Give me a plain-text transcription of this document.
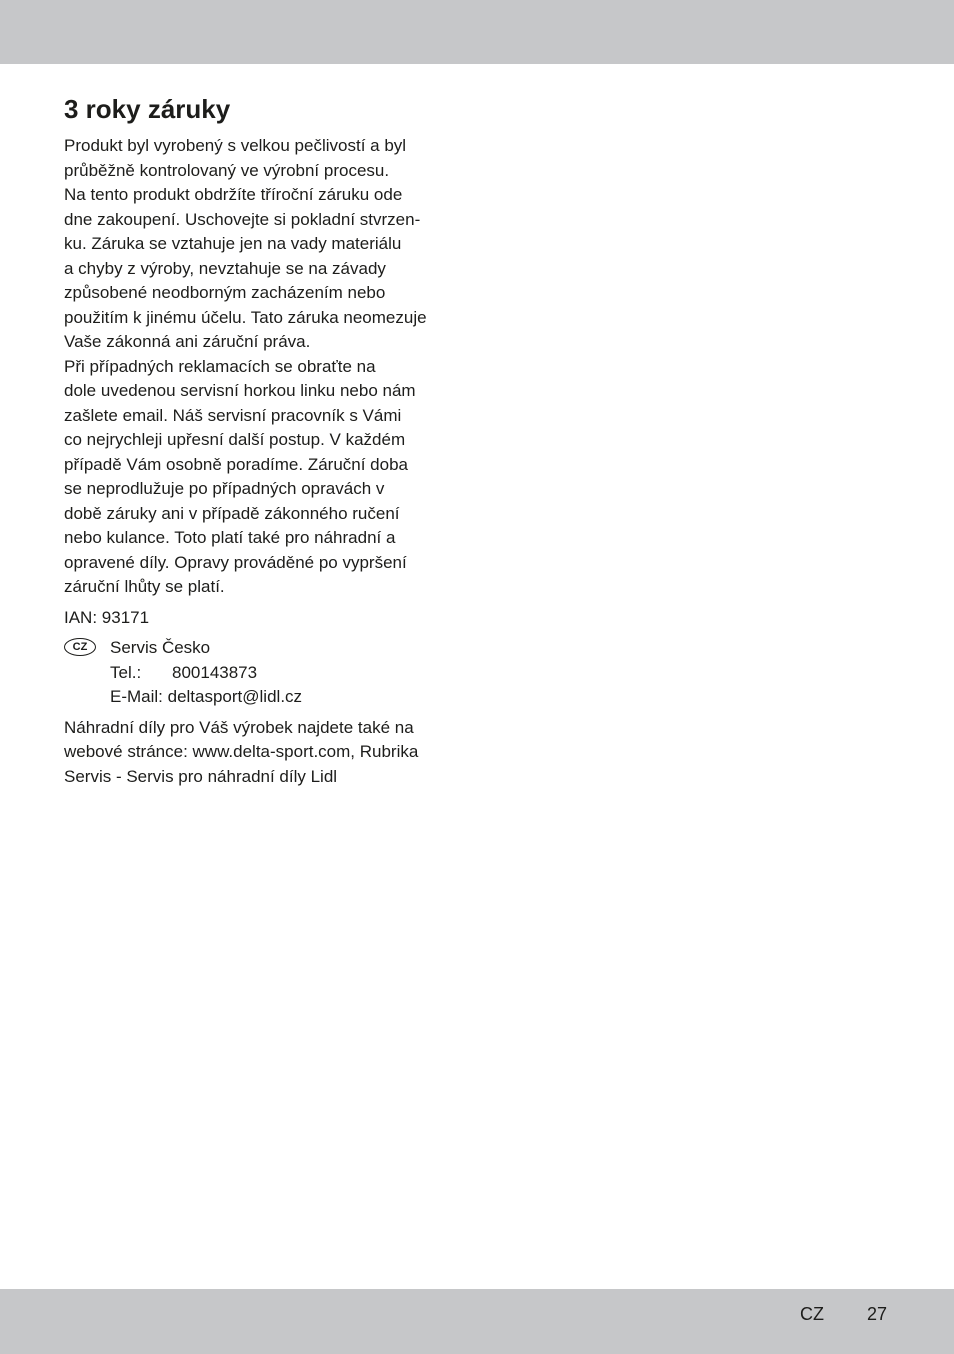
3 roky záruky

Produkt byl vyrobený s velkou pečlivostí a byl
průběžně kontrolovaný ve výrobní procesu.
Na tento produkt obdržíte tříroční záruku ode
dne zakoupení. Uschovejte si pokladní stvrzen-
ku. Záruka se vztahuje jen na vady materiálu
a chyby z výroby, nevztahuje se na závady
způsobené neodborným zacházením nebo
použitím k jinému účelu. Tato záruka neomezuje
Vaše zákonná ani záruční práva.

Při případných reklamacích se obraťte na
dole uvedenou servisní horkou linku nebo nám
zašlete email. Náš servisní pracovník s Vámi
co nejrychleji upřesní další postup. V každém
případě Vám osobně poradíme. Záruční doba
se neprodlužuje po případných opravách v
době záruky ani v případě zákonného ručení
nebo kulance. Toto platí také pro náhradní a
opravené díly. Opravy prováděné po vypršení
záruční lhůty se platí.

IAN: 93171

CZ	Servis Česko
Tel.: 800143873
E-Mail: deltasport@lidl.cz

Náhradní díly pro Váš výrobek najdete také na
webové stránce: www.delta-sport.com, Rubrika
Servis - Servis pro náhradní díly Lidl

CZ 27
